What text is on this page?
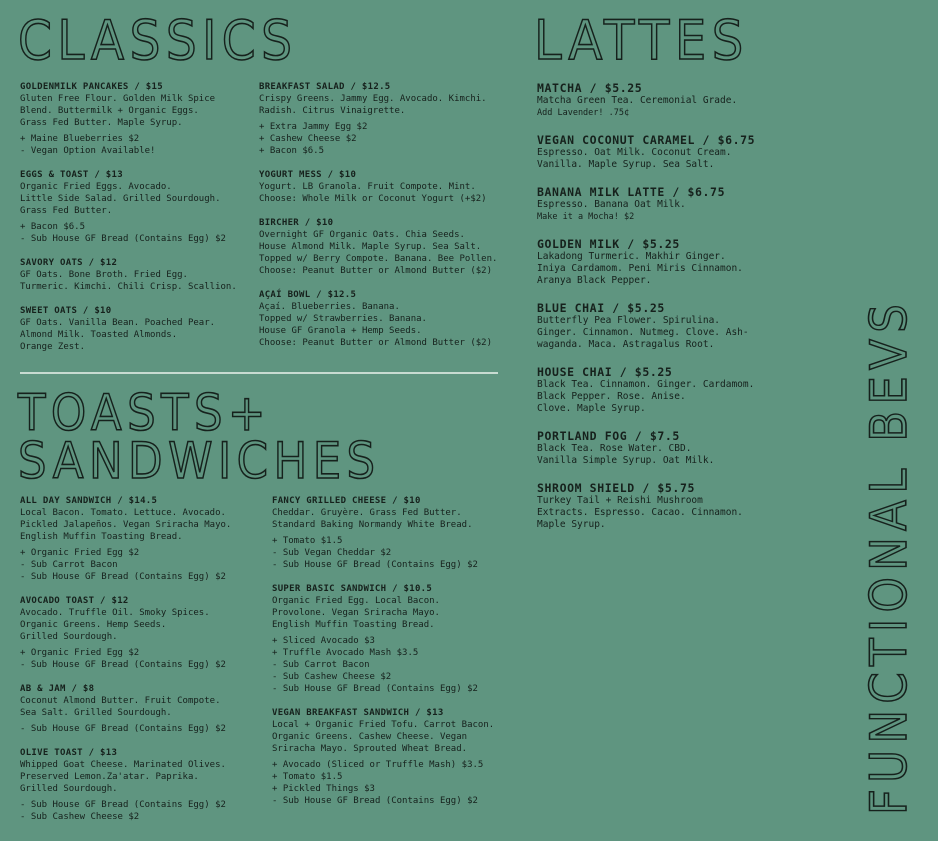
CLASSICS	LATTES
TOASTS+
SANDWICHES	FUNCTIONAL BEVS
GOLDENMILK PANCAKES / $15
Gluten Free Flour. Golden Milk Spice
Blend. Buttermilk + Organic Eggs.
Grass Fed Butter. Maple Syrup.
+ Maine Blueberries $2
- Vegan Option Available!
EGGS & TOAST / $13
Organic Fried Eggs. Avocado.
Little Side Salad. Grilled Sourdough.
Grass Fed Butter.
+ Bacon $6.5
- Sub House GF Bread (Contains Egg) $2
SAVORY OATS / $12
GF Oats. Bone Broth. Fried Egg.
Turmeric. Kimchi. Chili Crisp. Scallion.
SWEET OATS / $10
GF Oats. Vanilla Bean. Poached Pear.
Almond Milk. Toasted Almonds.
Orange Zest.
BREAKFAST SALAD / $12.5
Crispy Greens. Jammy Egg. Avocado. Kimchi.
Radish. Citrus Vinaigrette.
+ Extra Jammy Egg $2
+ Cashew Cheese $2
+ Bacon $6.5
YOGURT MESS / $10
Yogurt. LB Granola. Fruit Compote. Mint.
Choose: Whole Milk or Coconut Yogurt (+$2)
BIRCHER / $10
Overnight GF Organic Oats. Chia Seeds.
House Almond Milk. Maple Syrup. Sea Salt.
Topped w/ Berry Compote. Banana. Bee Pollen.
Choose: Peanut Butter or Almond Butter ($2)
AÇAÍ BOWL / $12.5
Açaí. Blueberries. Banana.
Topped w/ Strawberries. Banana.
House GF Granola + Hemp Seeds.
Choose: Peanut Butter or Almond Butter ($2)
ALL DAY SANDWICH / $14.5
Local Bacon. Tomato. Lettuce. Avocado.
Pickled Jalapeños. Vegan Sriracha Mayo.
English Muffin Toasting Bread.
+ Organic Fried Egg $2
- Sub Carrot Bacon
- Sub House GF Bread (Contains Egg) $2
AVOCADO TOAST / $12
Avocado. Truffle Oil. Smoky Spices.
Organic Greens. Hemp Seeds.
Grilled Sourdough.
+ Organic Fried Egg $2
- Sub House GF Bread (Contains Egg) $2
AB & JAM / $8
Coconut Almond Butter. Fruit Compote.
Sea Salt. Grilled Sourdough.
- Sub House GF Bread (Contains Egg) $2
OLIVE TOAST / $13
Whipped Goat Cheese. Marinated Olives.
Preserved Lemon.Za'atar. Paprika.
Grilled Sourdough.
- Sub House GF Bread (Contains Egg) $2
- Sub Cashew Cheese $2
FANCY GRILLED CHEESE / $10
Cheddar. Gruyère. Grass Fed Butter.
Standard Baking Normandy White Bread.
+ Tomato $1.5
- Sub Vegan Cheddar $2
- Sub House GF Bread (Contains Egg) $2
SUPER BASIC SANDWICH / $10.5
Organic Fried Egg. Local Bacon.
Provolone. Vegan Sriracha Mayo.
English Muffin Toasting Bread.
+ Sliced Avocado $3
+ Truffle Avocado Mash $3.5
- Sub Carrot Bacon
- Sub Cashew Cheese $2
- Sub House GF Bread (Contains Egg) $2
VEGAN BREAKFAST SANDWICH / $13
Local + Organic Fried Tofu. Carrot Bacon.
Organic Greens. Cashew Cheese. Vegan
Sriracha Mayo. Sprouted Wheat Bread.
+ Avocado (Sliced or Truffle Mash) $3.5
+ Tomato $1.5
+ Pickled Things $3
- Sub House GF Bread (Contains Egg) $2
MATCHA / $5.25
Matcha Green Tea. Ceremonial Grade.
Add Lavender! .75¢
VEGAN COCONUT CARAMEL / $6.75
Espresso. Oat Milk. Coconut Cream.
Vanilla. Maple Syrup. Sea Salt.
BANANA MILK LATTE / $6.75
Espresso. Banana Oat Milk.
Make it a Mocha! $2
GOLDEN MILK / $5.25
Lakadong Turmeric. Makhir Ginger.
Iniya Cardamom. Peni Miris Cinnamon.
Aranya Black Pepper.
BLUE CHAI / $5.25
Butterfly Pea Flower. Spirulina.
Ginger. Cinnamon. Nutmeg. Clove. Ash-
waganda. Maca. Astragalus Root.
HOUSE CHAI / $5.25
Black Tea. Cinnamon. Ginger. Cardamom.
Black Pepper. Rose. Anise.
Clove. Maple Syrup.
PORTLAND FOG / $7.5
Black Tea. Rose Water. CBD.
Vanilla Simple Syrup. Oat Milk.
SHROOM SHIELD / $5.75
Turkey Tail + Reishi Mushroom
Extracts. Espresso. Cacao. Cinnamon.
Maple Syrup.
